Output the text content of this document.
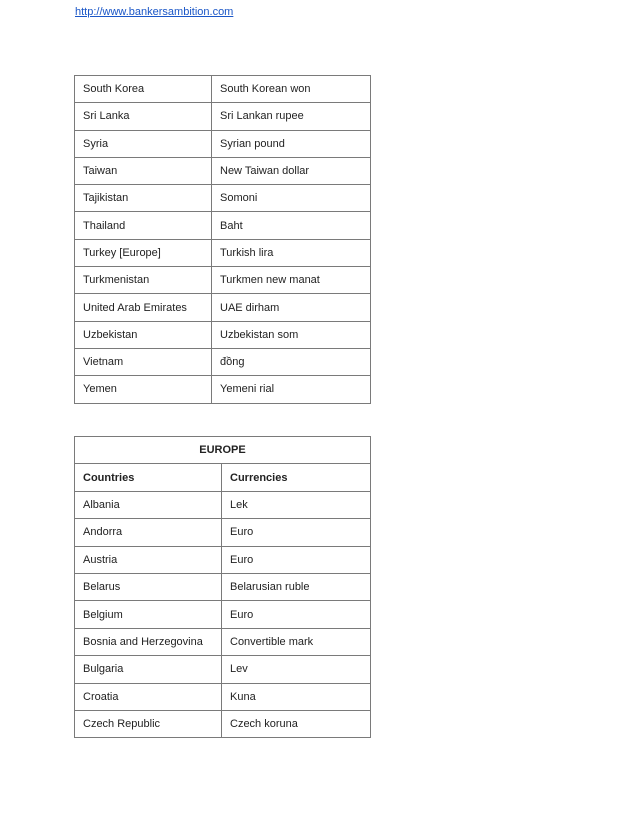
http://www.bankersambition.com
South Korea	South Korean won
Sri Lanka	Sri Lankan rupee
Syria	Syrian pound
Taiwan	New Taiwan dollar
Tajikistan	Somoni
Thailand	Baht
Turkey [Europe]	Turkish lira
Turkmenistan	Turkmen new manat
United Arab Emirates	UAE dirham
Uzbekistan	Uzbekistan som
Vietnam	đồng
Yemen	Yemeni rial
EUROPE	
Countries	Currencies
Albania	Lek
Andorra	Euro
Austria	Euro
Belarus	Belarusian ruble
Belgium	Euro
Bosnia and Herzegovina	Convertible mark
Bulgaria	Lev
Croatia	Kuna
Czech Republic	Czech koruna
